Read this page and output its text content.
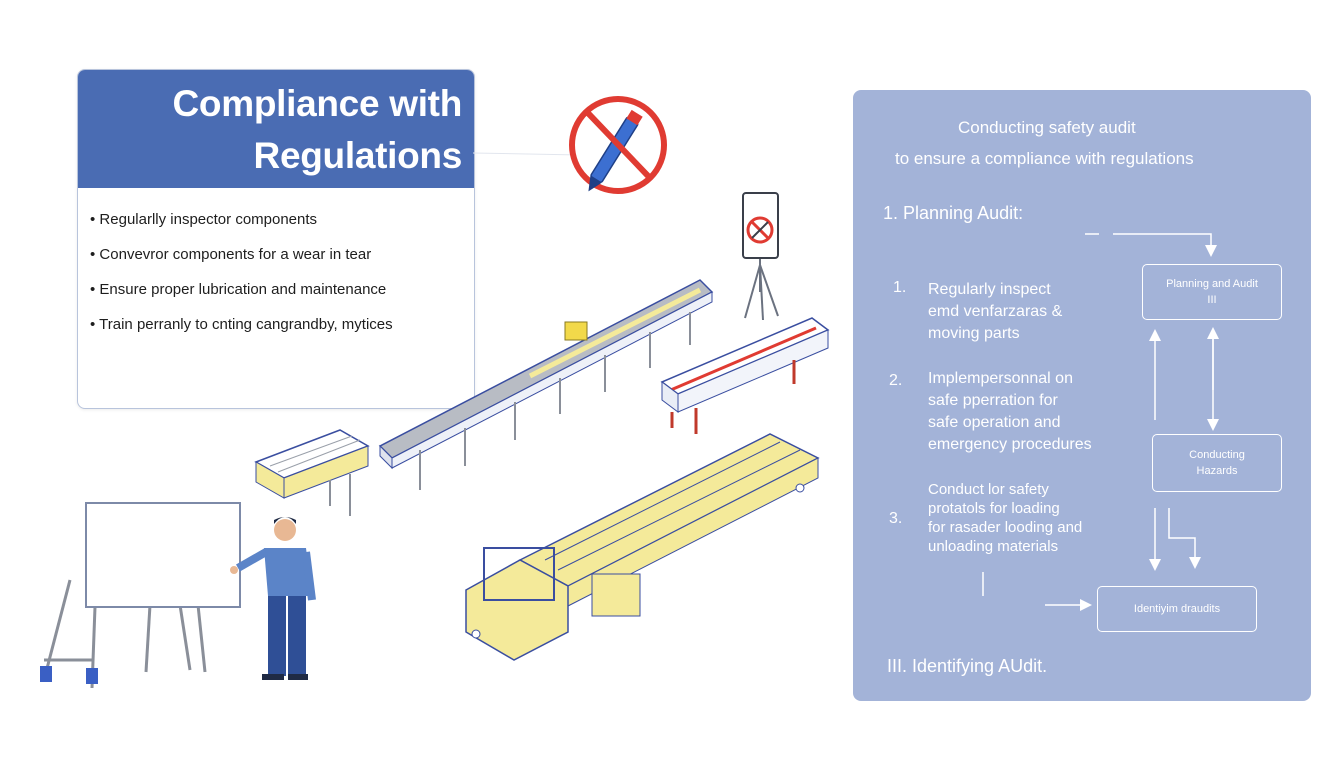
Compliance with
Regulations
• Regularlly inspector components
• Convevror components for a wear in tear
• Ensure proper lubrication and maintenance
• Train perranly to cnting cangrandby, mytices
Conducting safety audit
to ensure a compliance with regulations
1. Planning Audit:
1. Regularly inspect
emd venfarzaras &
moving parts
2. Implempersonnal on
safe pperration for
safe operation and
emergency procedures
3.
Conduct lor safety
protatols for loading
for rasader looding and
unloading materials
III. Identifying AUdit.
Planning and Audit
III
Conducting
Hazards
Identiyim draudits
